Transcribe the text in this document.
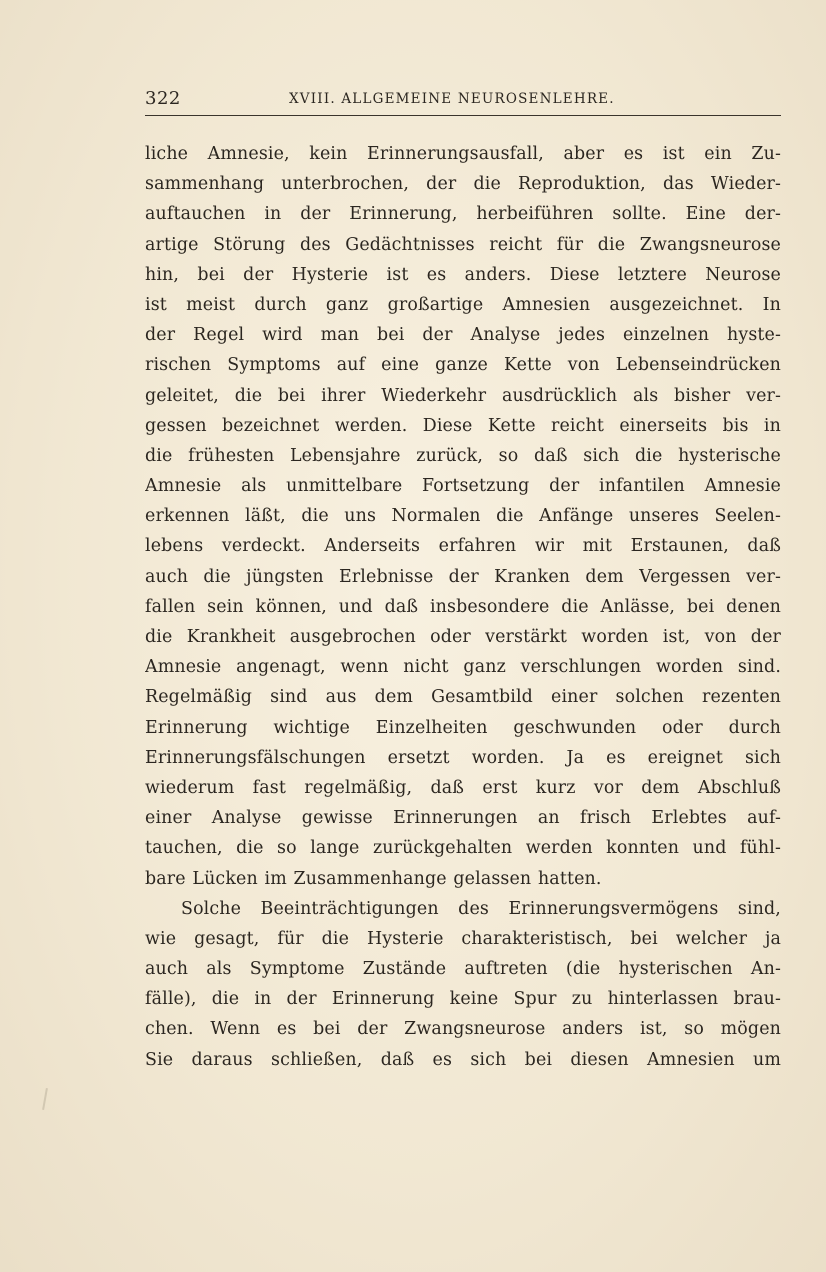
322	XVIII. ALLGEMEINE NEUROSENLEHRE.
liche Amnesie, kein Erinnerungsausfall, aber es ist ein Zu-
sammenhang unterbrochen, der die Reproduktion, das Wieder-
auftauchen in der Erinnerung, herbeiführen sollte. Eine der-
artige Störung des Gedächtnisses reicht für die Zwangsneurose
hin, bei der Hysterie ist es anders. Diese letztere Neurose
ist meist durch ganz großartige Amnesien ausgezeichnet. In
der Regel wird man bei der Analyse jedes einzelnen hyste-
rischen Symptoms auf eine ganze Kette von Lebenseindrücken
geleitet, die bei ihrer Wiederkehr ausdrücklich als bisher ver-
gessen bezeichnet werden. Diese Kette reicht einerseits bis in
die frühesten Lebensjahre zurück, so daß sich die hysterische
Amnesie als unmittelbare Fortsetzung der infantilen Amnesie
erkennen läßt, die uns Normalen die Anfänge unseres Seelen-
lebens verdeckt. Anderseits erfahren wir mit Erstaunen, daß
auch die jüngsten Erlebnisse der Kranken dem Vergessen ver-
fallen sein können, und daß insbesondere die Anlässe, bei denen
die Krankheit ausgebrochen oder verstärkt worden ist, von der
Amnesie angenagt, wenn nicht ganz verschlungen worden sind.
Regelmäßig sind aus dem Gesamtbild einer solchen rezenten
Erinnerung wichtige Einzelheiten geschwunden oder durch
Erinnerungsfälschungen ersetzt worden. Ja es ereignet sich
wiederum fast regelmäßig, daß erst kurz vor dem Abschluß
einer Analyse gewisse Erinnerungen an frisch Erlebtes auf-
tauchen, die so lange zurückgehalten werden konnten und fühl-
bare Lücken im Zusammenhange gelassen hatten.
Solche Beeinträchtigungen des Erinnerungsvermögens sind,
wie gesagt, für die Hysterie charakteristisch, bei welcher ja
auch als Symptome Zustände auftreten (die hysterischen An-
fälle), die in der Erinnerung keine Spur zu hinterlassen brau-
chen. Wenn es bei der Zwangsneurose anders ist, so mögen
Sie daraus schließen, daß es sich bei diesen Amnesien um
